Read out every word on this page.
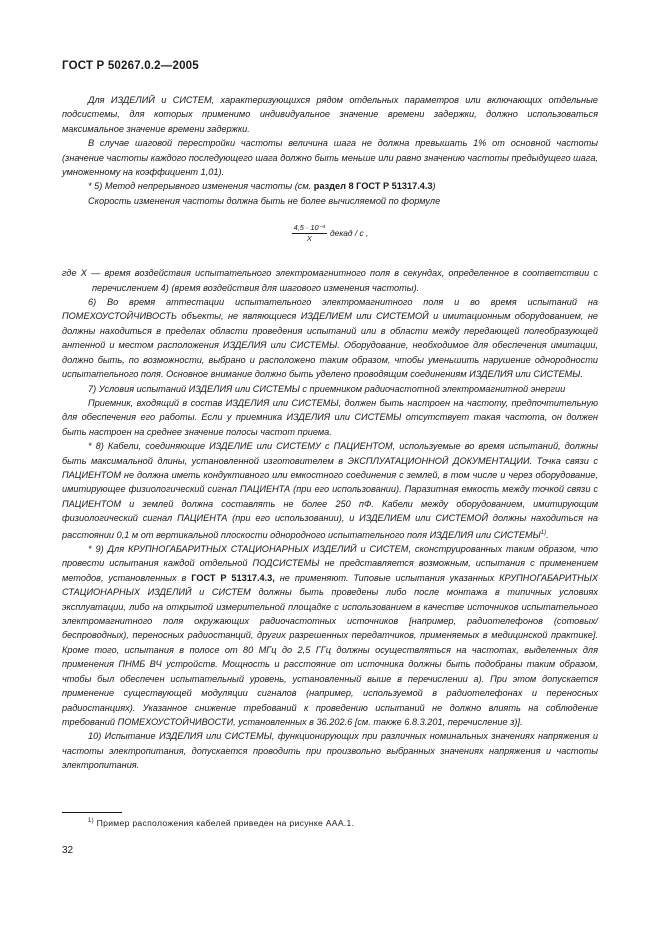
ГОСТ Р 50267.0.2—2005

Для ИЗДЕЛИЙ и СИСТЕМ, характеризующихся рядом отдельных параметров или включающих отдельные подсистемы, для которых применимо индивидуальное значение времени задержки, должно использоваться максимальное значение времени задержки.

В случае шаговой перестройки частоты величина шага не должна превышать 1% от основной частоты (значение частоты каждого последующего шага должно быть меньше или равно значению частоты предыдущего шага, умноженному на коэффициент 1,01).

* 5) Метод непрерывного изменения частоты (см. раздел 8 ГОСТ Р 51317.4.3)

Скорость изменения частоты должна быть не более вычисляемой по формуле

$\frac{\text{4,5 · 10⁻³}}{X}$ декад / с ,

где X — время воздействия испытательного электромагнитного поля в секундах, определенное в соответствии с перечислением 4) (время воздействия для шагового изменения частоты).

6) Во время аттестации испытательного электромагнитного поля и во время испытаний на ПОМЕХОУСТОЙЧИВОСТЬ объекты, не являющиеся ИЗДЕЛИЕМ или СИСТЕМОЙ и имитационным оборудованием, не должны находиться в пределах области проведения испытаний или в области между передающей полеобразующей антенной и местом расположения ИЗДЕЛИЯ или СИСТЕМЫ. Оборудование, необходимое для обеспечения имитации, должно быть, по возможности, выбрано и расположено таким образом, чтобы уменьшить нарушение однородности испытательного поля. Основное внимание должно быть уделено проводящим соединениям ИЗДЕЛИЯ или СИСТЕМЫ.

7) Условия испытаний ИЗДЕЛИЯ или СИСТЕМЫ с приемником радиочастотной электромагнитной энергии

Приемник, входящий в состав ИЗДЕЛИЯ или СИСТЕМЫ, должен быть настроен на частоту, предпочтительную для обеспечения его работы. Если у приемника ИЗДЕЛИЯ или СИСТЕМЫ отсутствует такая частота, он должен быть настроен на среднее значение полосы частот приема.

* 8) Кабели, соединяющие ИЗДЕЛИЕ или СИСТЕМУ с ПАЦИЕНТОМ, используемые во время испытаний, должны быть максимальной длины, установленной изготовителем в ЭКСПЛУАТАЦИОННОЙ ДОКУМЕНТАЦИИ. Точка связи с ПАЦИЕНТОМ не должна иметь кондуктивного или емкостного соединения с землей, в том числе и через оборудование, имитирующее физиологический сигнал ПАЦИЕНТА (при его использовании). Паразитная емкость между точкой связи с ПАЦИЕНТОМ и землей должна составлять не более 250 пФ. Кабели между оборудованием, имитирующим физиологический сигнал ПАЦИЕНТА (при его использовании), и ИЗДЕЛИЕМ или СИСТЕМОЙ должны находиться на расстоянии 0,1 м от вертикальной плоскости однородного испытательного поля ИЗДЕЛИЯ или СИСТЕМЫ$^{1)}$.

* 9) Для КРУПНОГАБАРИТНЫХ СТАЦИОНАРНЫХ ИЗДЕЛИЙ и СИСТЕМ, сконструированных таким образом, что провести испытания каждой отдельной ПОДСИСТЕМЫ не представляется возможным, испытания с применением методов, установленных в ГОСТ Р 51317.4.3, не применяют. Типовые испытания указанных КРУПНОГАБАРИТНЫХ СТАЦИОНАРНЫХ ИЗДЕЛИЙ и СИСТЕМ должны быть проведены либо после монтажа в типичных условиях эксплуатации, либо на открытой измерительной площадке с использованием в качестве источников испытательного электромагнитного поля окружающих радиочастотных источников [например, радиотелефонов (сотовых/беспроводных), переносных радиостанций, других разрешенных передатчиков, применяемых в медицинской практике]. Кроме того, испытания в полосе от 80 МГц до 2,5 ГГц должны осуществляться на частотах, выделенных для применения ПНМБ ВЧ устройств. Мощность и расстояние от источника должны быть подобраны таким образом, чтобы был обеспечен испытательный уровень, установленный выше в перечислении а). При этом допускается применение существующей модуляции сигналов (например, используемой в радиотелефонах и переносных радиостанциях). Указанное снижение требований к проведению испытаний не должно влиять на соблюдение требований ПОМЕХОУСТОЙЧИВОСТИ, установленных в 36.202.6 [см. также 6.8.3.201, перечисление з)].

10) Испытание ИЗДЕЛИЯ или СИСТЕМЫ, функционирующих при различных номинальных значениях напряжения и частоты электропитания, допускается проводить при произвольно выбранных значениях напряжения и частоты электропитания.

$^{1)}$ Пример расположения кабелей приведен на рисунке ААА.1.
32
